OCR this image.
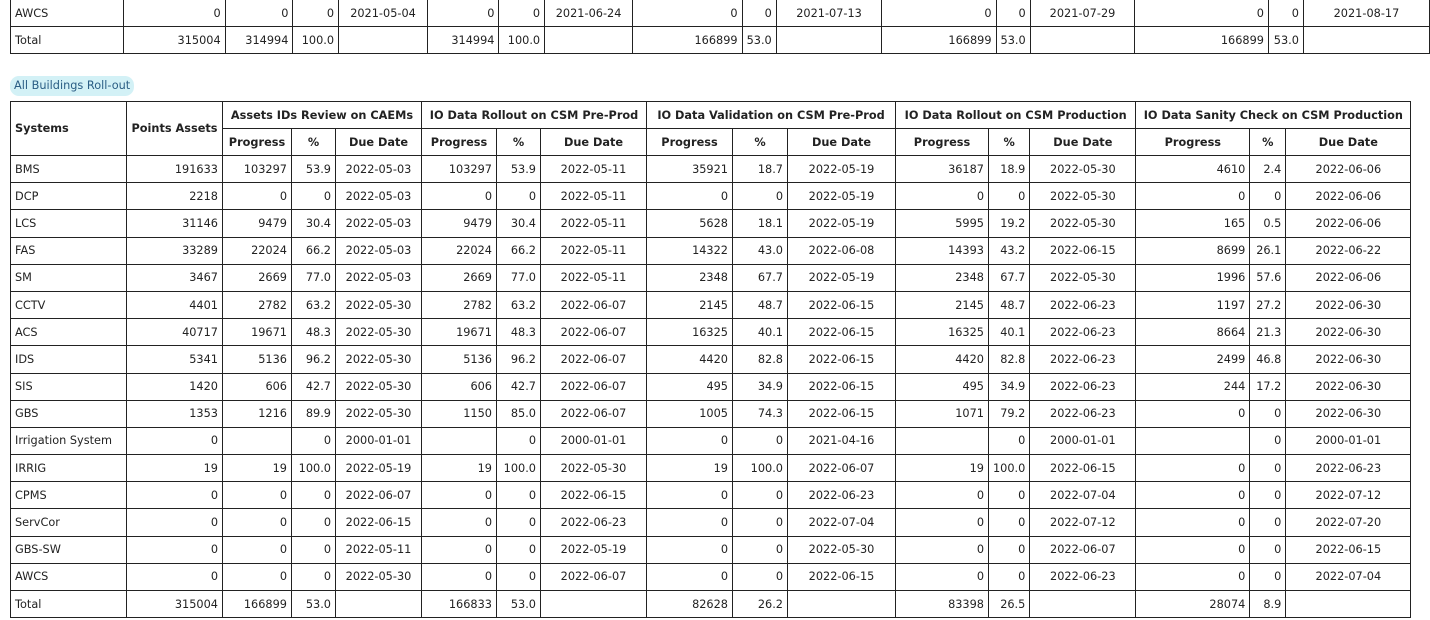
AWCS	0	0	0	2021-05-04	0	0	2021-06-24	0	0	2021-07-13	0	0	2021-07-29	0	0	2021-08-17
Total	315004	314994	100.0		314994	100.0		166899	53.0		166899	53.0		166899	53.0	
All Buildings Roll-out
Systems	Points Assets	Assets IDs Review on CAEMs			IO Data Rollout on CSM Pre-Prod			IO Data Validation on CSM Pre-Prod			IO Data Rollout on CSM Production			IO Data Sanity Check on CSM Production		
		Progress	%	Due Date	Progress	%	Due Date	Progress	%	Due Date	Progress	%	Due Date	Progress	%	Due Date
BMS	191633	103297	53.9	2022-05-03	103297	53.9	2022-05-11	35921	18.7	2022-05-19	36187	18.9	2022-05-30	4610	2.4	2022-06-06
DCP	2218	0	0	2022-05-03	0	0	2022-05-11	0	0	2022-05-19	0	0	2022-05-30	0	0	2022-06-06
LCS	31146	9479	30.4	2022-05-03	9479	30.4	2022-05-11	5628	18.1	2022-05-19	5995	19.2	2022-05-30	165	0.5	2022-06-06
FAS	33289	22024	66.2	2022-05-03	22024	66.2	2022-05-11	14322	43.0	2022-06-08	14393	43.2	2022-06-15	8699	26.1	2022-06-22
SM	3467	2669	77.0	2022-05-03	2669	77.0	2022-05-11	2348	67.7	2022-05-19	2348	67.7	2022-05-30	1996	57.6	2022-06-06
CCTV	4401	2782	63.2	2022-05-30	2782	63.2	2022-06-07	2145	48.7	2022-06-15	2145	48.7	2022-06-23	1197	27.2	2022-06-30
ACS	40717	19671	48.3	2022-05-30	19671	48.3	2022-06-07	16325	40.1	2022-06-15	16325	40.1	2022-06-23	8664	21.3	2022-06-30
IDS	5341	5136	96.2	2022-05-30	5136	96.2	2022-06-07	4420	82.8	2022-06-15	4420	82.8	2022-06-23	2499	46.8	2022-06-30
SIS	1420	606	42.7	2022-05-30	606	42.7	2022-06-07	495	34.9	2022-06-15	495	34.9	2022-06-23	244	17.2	2022-06-30
GBS	1353	1216	89.9	2022-05-30	1150	85.0	2022-06-07	1005	74.3	2022-06-15	1071	79.2	2022-06-23	0	0	2022-06-30
Irrigation System	0		0	2000-01-01		0	2000-01-01	0	0	2021-04-16		0	2000-01-01		0	2000-01-01
IRRIG	19	19	100.0	2022-05-19	19	100.0	2022-05-30	19	100.0	2022-06-07	19	100.0	2022-06-15	0	0	2022-06-23
CPMS	0	0	0	2022-06-07	0	0	2022-06-15	0	0	2022-06-23	0	0	2022-07-04	0	0	2022-07-12
ServCor	0	0	0	2022-06-15	0	0	2022-06-23	0	0	2022-07-04	0	0	2022-07-12	0	0	2022-07-20
GBS-SW	0	0	0	2022-05-11	0	0	2022-05-19	0	0	2022-05-30	0	0	2022-06-07	0	0	2022-06-15
AWCS	0	0	0	2022-05-30	0	0	2022-06-07	0	0	2022-06-15	0	0	2022-06-23	0	0	2022-07-04
Total	315004	166899	53.0		166833	53.0		82628	26.2		83398	26.5		28074	8.9	
